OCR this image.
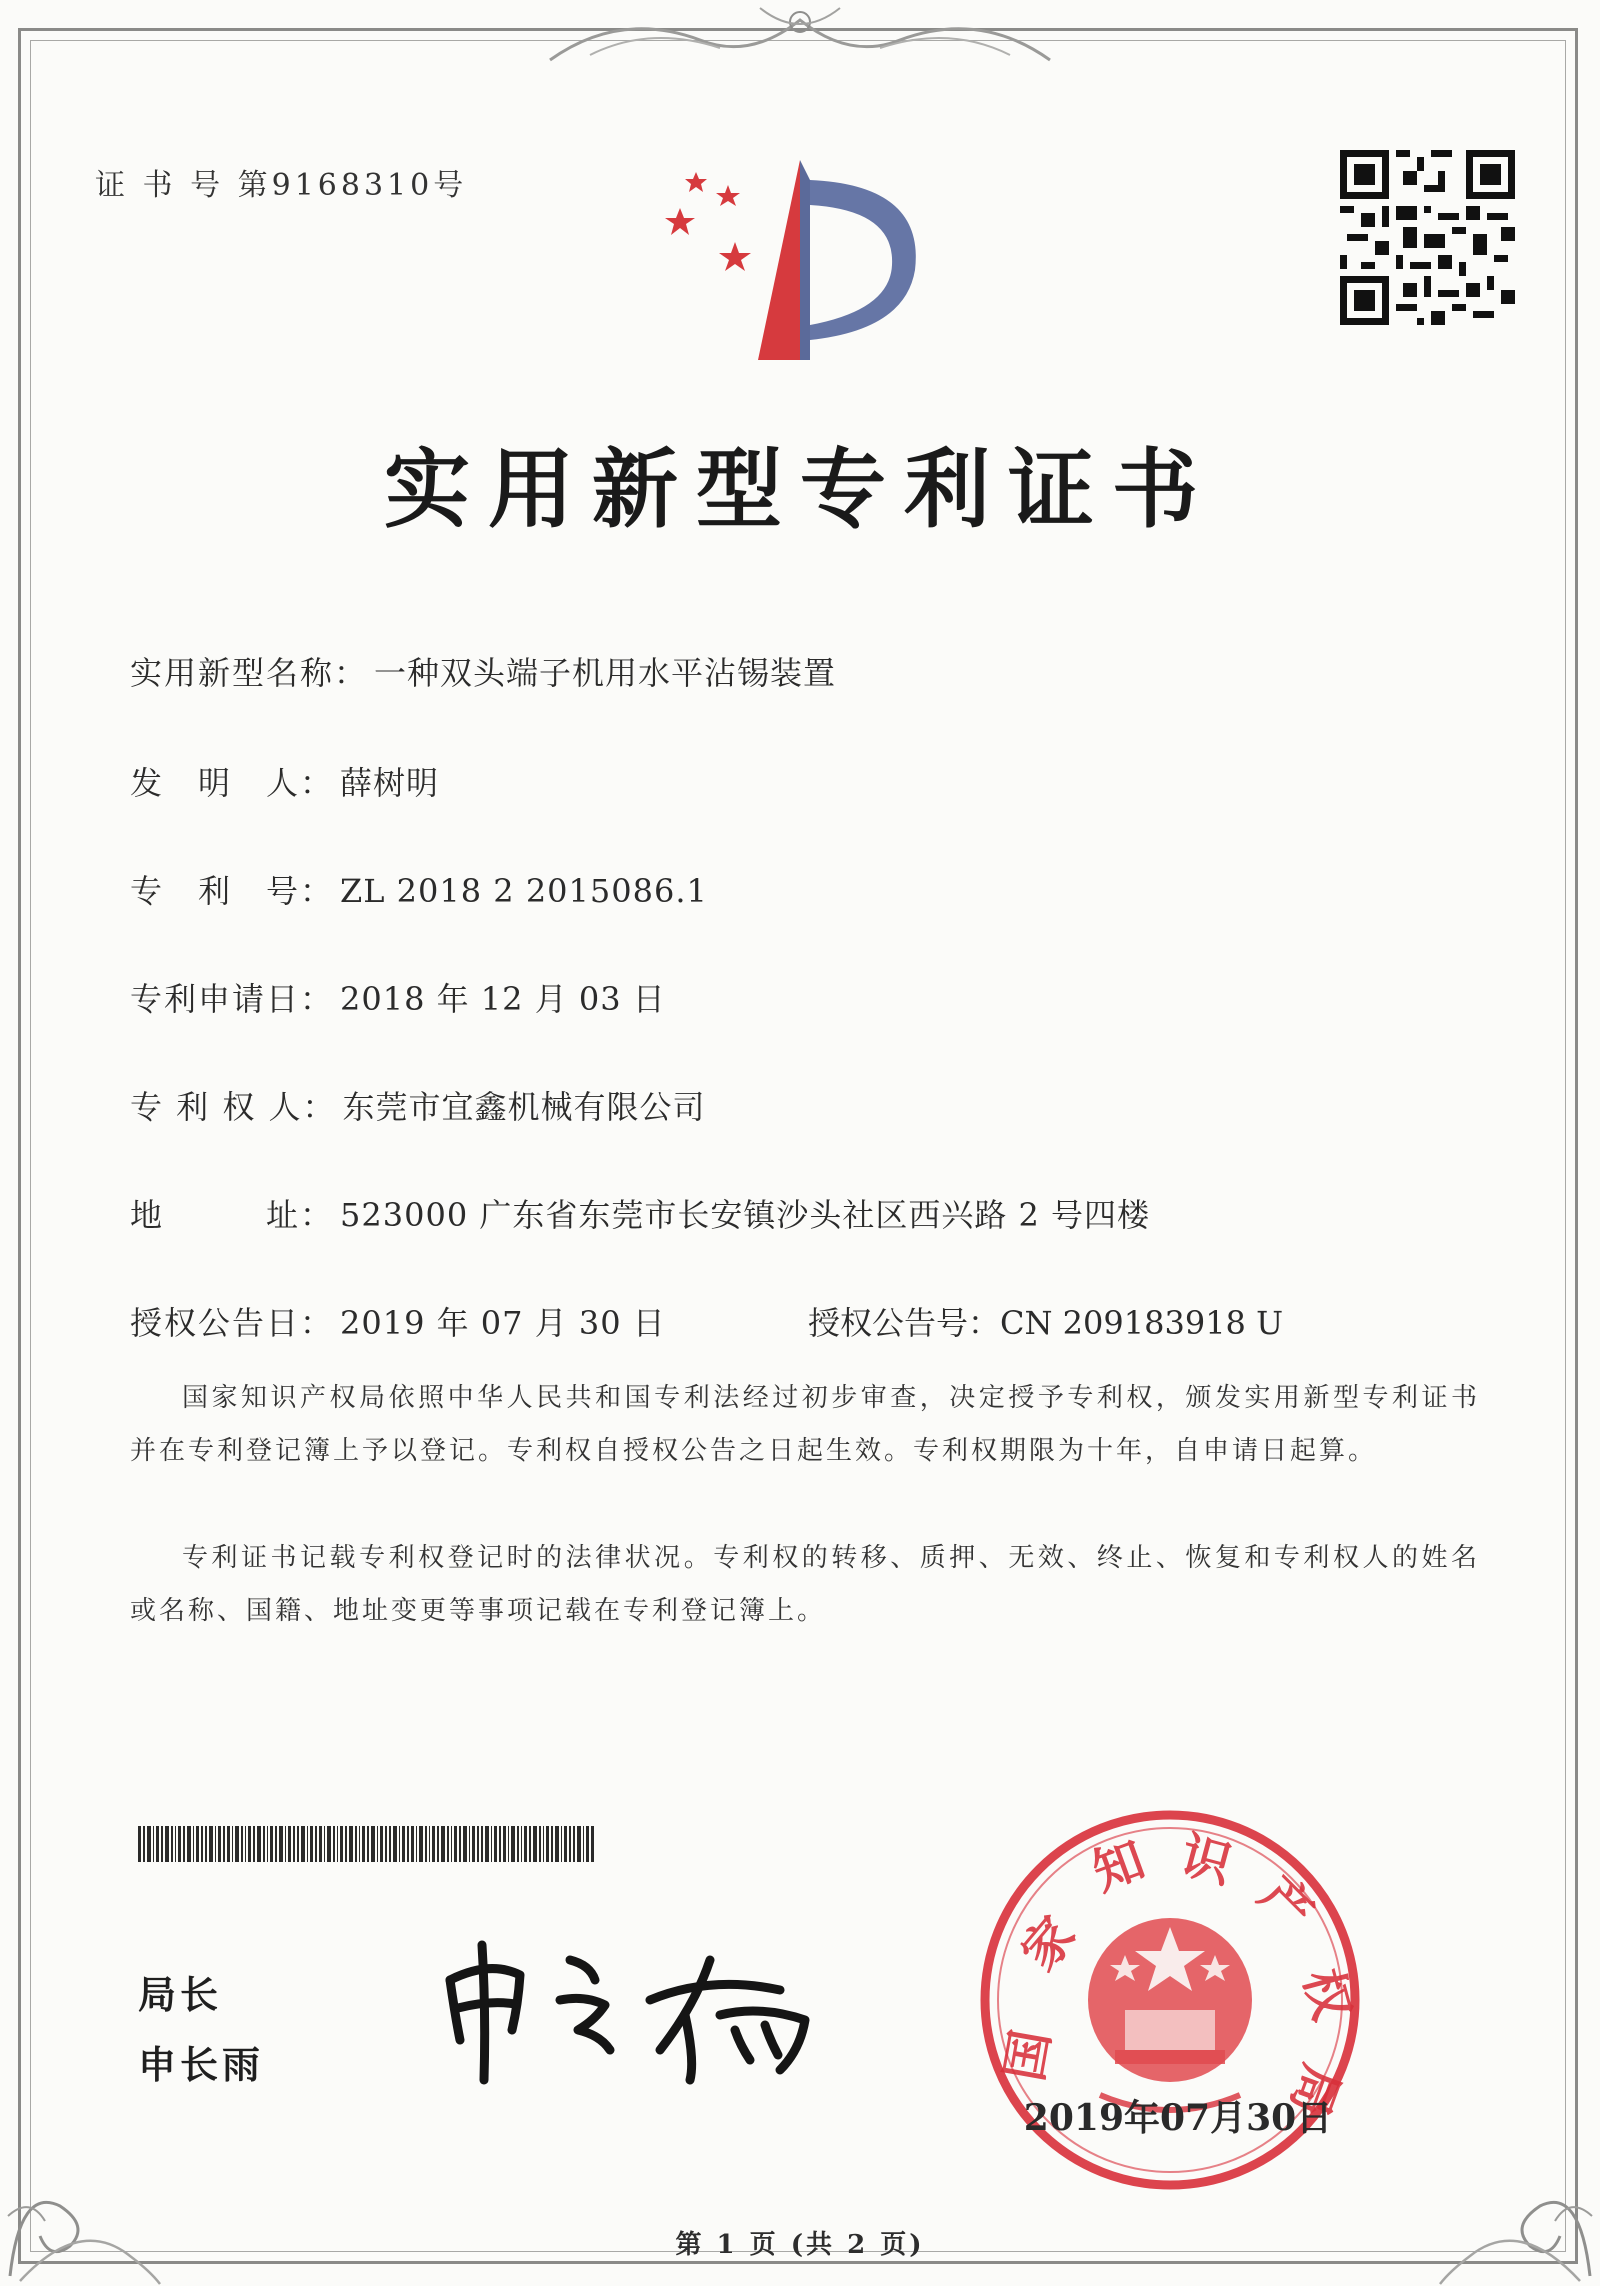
证 书 号 第9168310号
实用新型专利证书
实用新型名称： 一种双头端子机用水平沾锡装置
发　明　人： 薛树明
专　利　号： ZL 2018 2 2015086.1
专利申请日： 2018 年 12 月 03 日
专 利 权 人： 东莞市宜鑫机械有限公司
地　　　址： 523000 广东省东莞市长安镇沙头社区西兴路 2 号四楼
授权公告日： 2019 年 07 月 30 日	授权公告号：CN 209183918 U
国家知识产权局依照中华人民共和国专利法经过初步审查，决定授予专利权，颁发实用新型专利证书并在专利登记簿上予以登记。专利权自授权公告之日起生效。专利权期限为十年，自申请日起算。
专利证书记载专利权登记时的法律状况。专利权的转移、质押、无效、终止、恢复和专利权人的姓名或名称、国籍、地址变更等事项记载在专利登记簿上。
局长
申长雨	国
家
知 识
产
权
局
2019年07月30日
第 1 页 (共 2 页)
